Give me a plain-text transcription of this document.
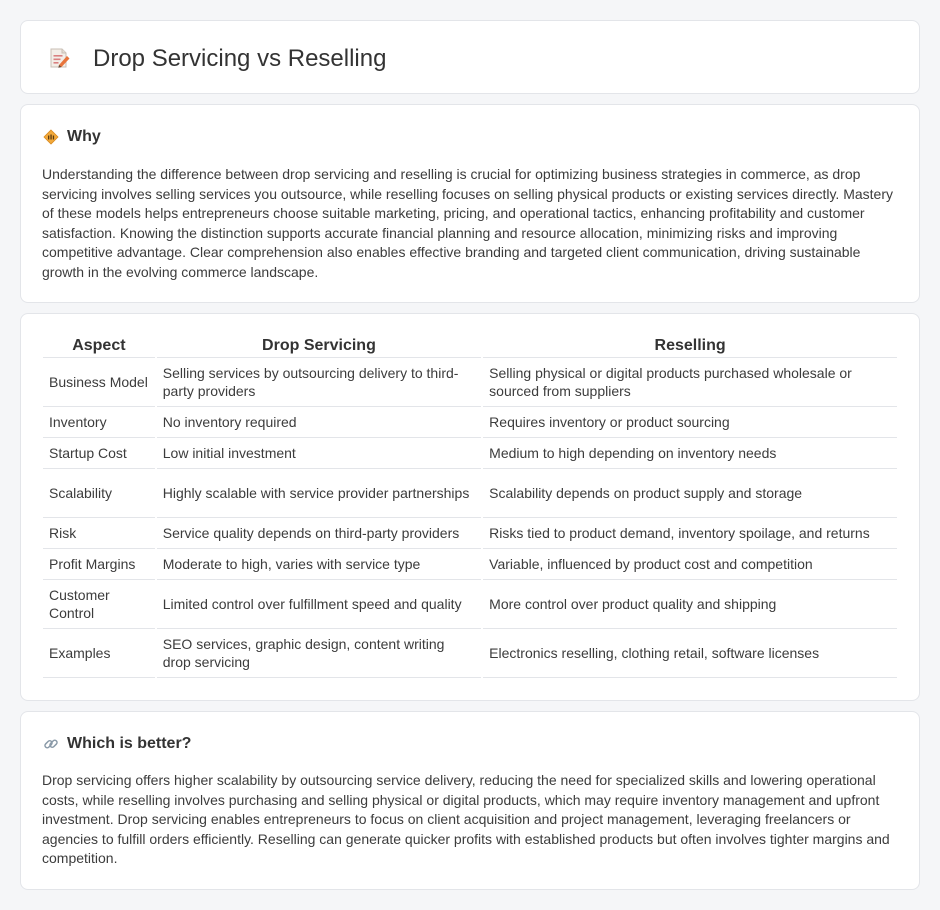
Drop Servicing vs Reselling
Why

Understanding the difference between drop servicing and reselling is crucial for optimizing business strategies in commerce, as drop servicing involves selling services you outsource, while reselling focuses on selling physical products or existing services directly. Mastery of these models helps entrepreneurs choose suitable marketing, pricing, and operational tactics, enhancing profitability and customer satisfaction. Knowing the distinction supports accurate financial planning and resource allocation, minimizing risks and improving competitive advantage. Clear comprehension also enables effective branding and targeted client communication, driving sustainable growth in the evolving commerce landscape.

Aspect	Drop Servicing	Reselling
Business Model	Selling services by outsourcing delivery to third-party providers	Selling physical or digital products purchased wholesale or sourced from suppliers
Inventory	No inventory required	Requires inventory or product sourcing
Startup Cost	Low initial investment	Medium to high depending on inventory needs
Scalability	Highly scalable with service provider partnerships	Scalability depends on product supply and storage
Risk	Service quality depends on third-party providers	Risks tied to product demand, inventory spoilage, and returns
Profit Margins	Moderate to high, varies with service type	Variable, influenced by product cost and competition
Customer Control	Limited control over fulfillment speed and quality	More control over product quality and shipping
Examples	SEO services, graphic design, content writing drop servicing	Electronics reselling, clothing retail, software licenses
Which is better?

Drop servicing offers higher scalability by outsourcing service delivery, reducing the need for specialized skills and lowering operational costs, while reselling involves purchasing and selling physical or digital products, which may require inventory management and upfront investment. Drop servicing enables entrepreneurs to focus on client acquisition and project management, leveraging freelancers or agencies to fulfill orders efficiently. Reselling can generate quicker profits with established products but often involves tighter margins and competition.
